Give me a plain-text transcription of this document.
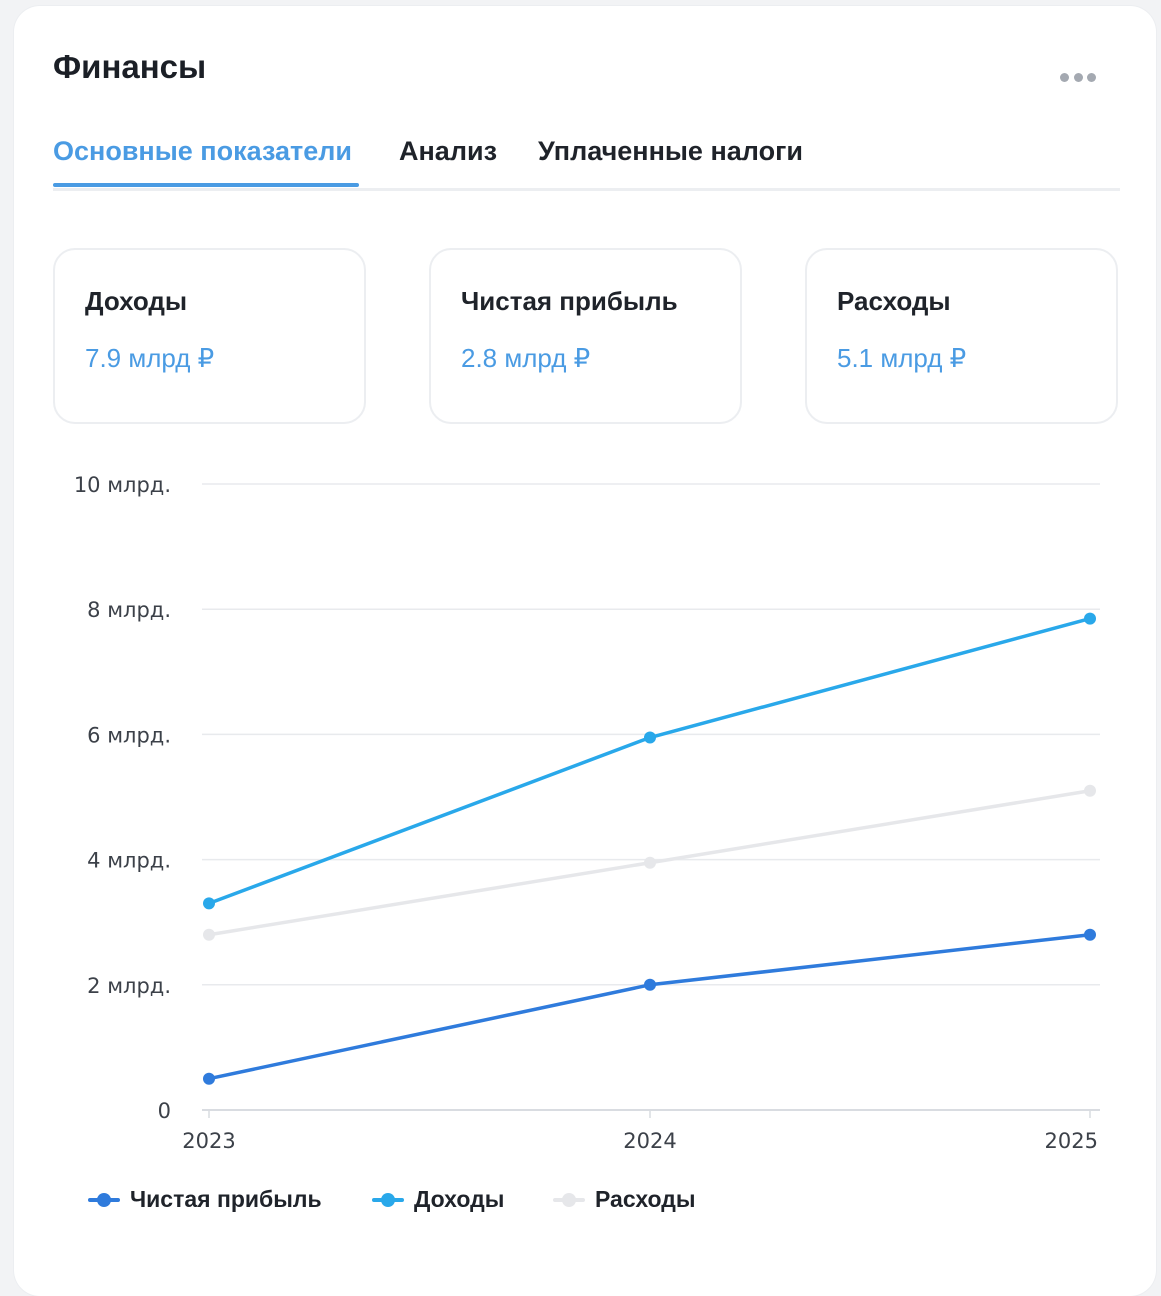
Финансы
Основные показатели Анализ Уплаченные налоги
Доходы
7.9 млрд ₽
Чистая прибыль
2.8 млрд ₽
Расходы
5.1 млрд ₽
0
2 млрд.
4 млрд.
6 млрд.
8 млрд.
10 млрд.
2023	2024	2025
Чистая прибыль	Доходы	Расходы
